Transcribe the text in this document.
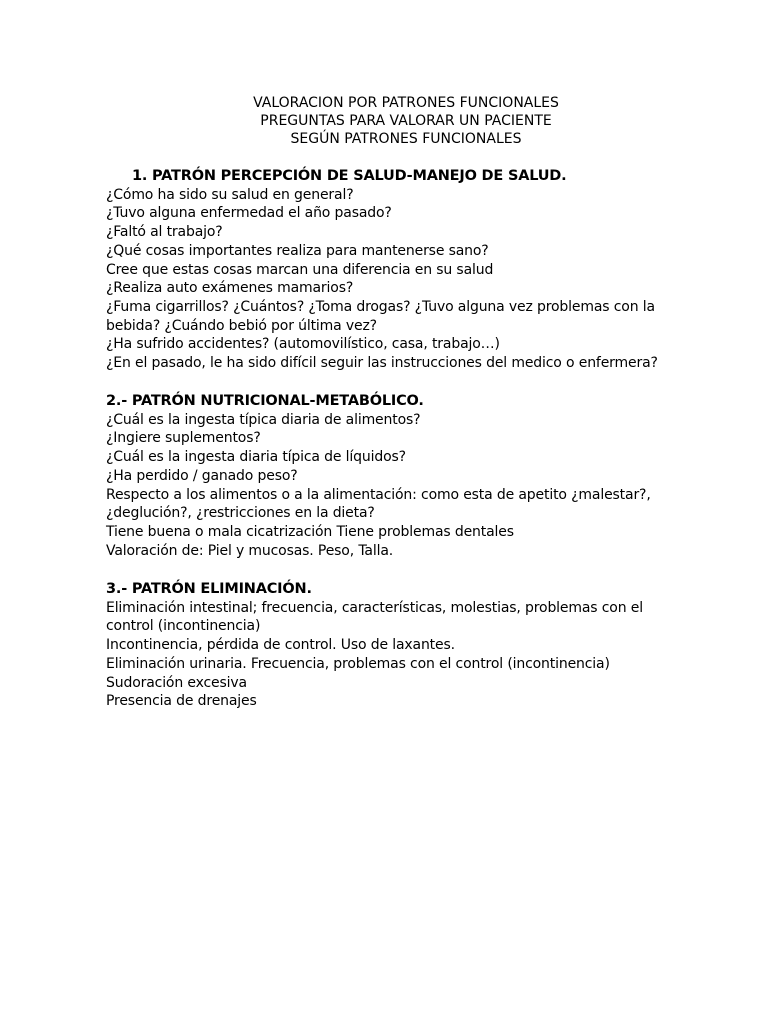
VALORACION POR PATRONES FUNCIONALES
PREGUNTAS PARA VALORAR UN PACIENTE
SEGÚN PATRONES FUNCIONALES
1. PATRÓN PERCEPCIÓN DE SALUD-MANEJO DE SALUD.
¿Cómo ha sido su salud en general?
¿Tuvo alguna enfermedad el año pasado?
¿Faltó al trabajo?
¿Qué cosas importantes realiza para mantenerse sano?
Cree que estas cosas marcan una diferencia en su salud
¿Realiza auto exámenes mamarios?
¿Fuma cigarrillos? ¿Cuántos? ¿Toma drogas? ¿Tuvo alguna vez problemas con la
bebida? ¿Cuándo bebió por última vez?
¿Ha sufrido accidentes? (automovilístico, casa, trabajo…)
¿En el pasado, le ha sido difícil seguir las instrucciones del medico o enfermera?
2.- PATRÓN NUTRICIONAL-METABÓLICO.
¿Cuál es la ingesta típica diaria de alimentos?
¿Ingiere suplementos?
¿Cuál es la ingesta diaria típica de líquidos?
¿Ha perdido / ganado peso?
Respecto a los alimentos o a la alimentación: como esta de apetito ¿malestar?,
¿deglución?, ¿restricciones en la dieta?
Tiene buena o mala cicatrización Tiene problemas dentales
Valoración de: Piel y mucosas. Peso, Talla.
3.- PATRÓN ELIMINACIÓN.
Eliminación intestinal; frecuencia, características, molestias, problemas con el
control (incontinencia)
Incontinencia, pérdida de control. Uso de laxantes.
Eliminación urinaria. Frecuencia, problemas con el control (incontinencia)
Sudoración excesiva
Presencia de drenajes
